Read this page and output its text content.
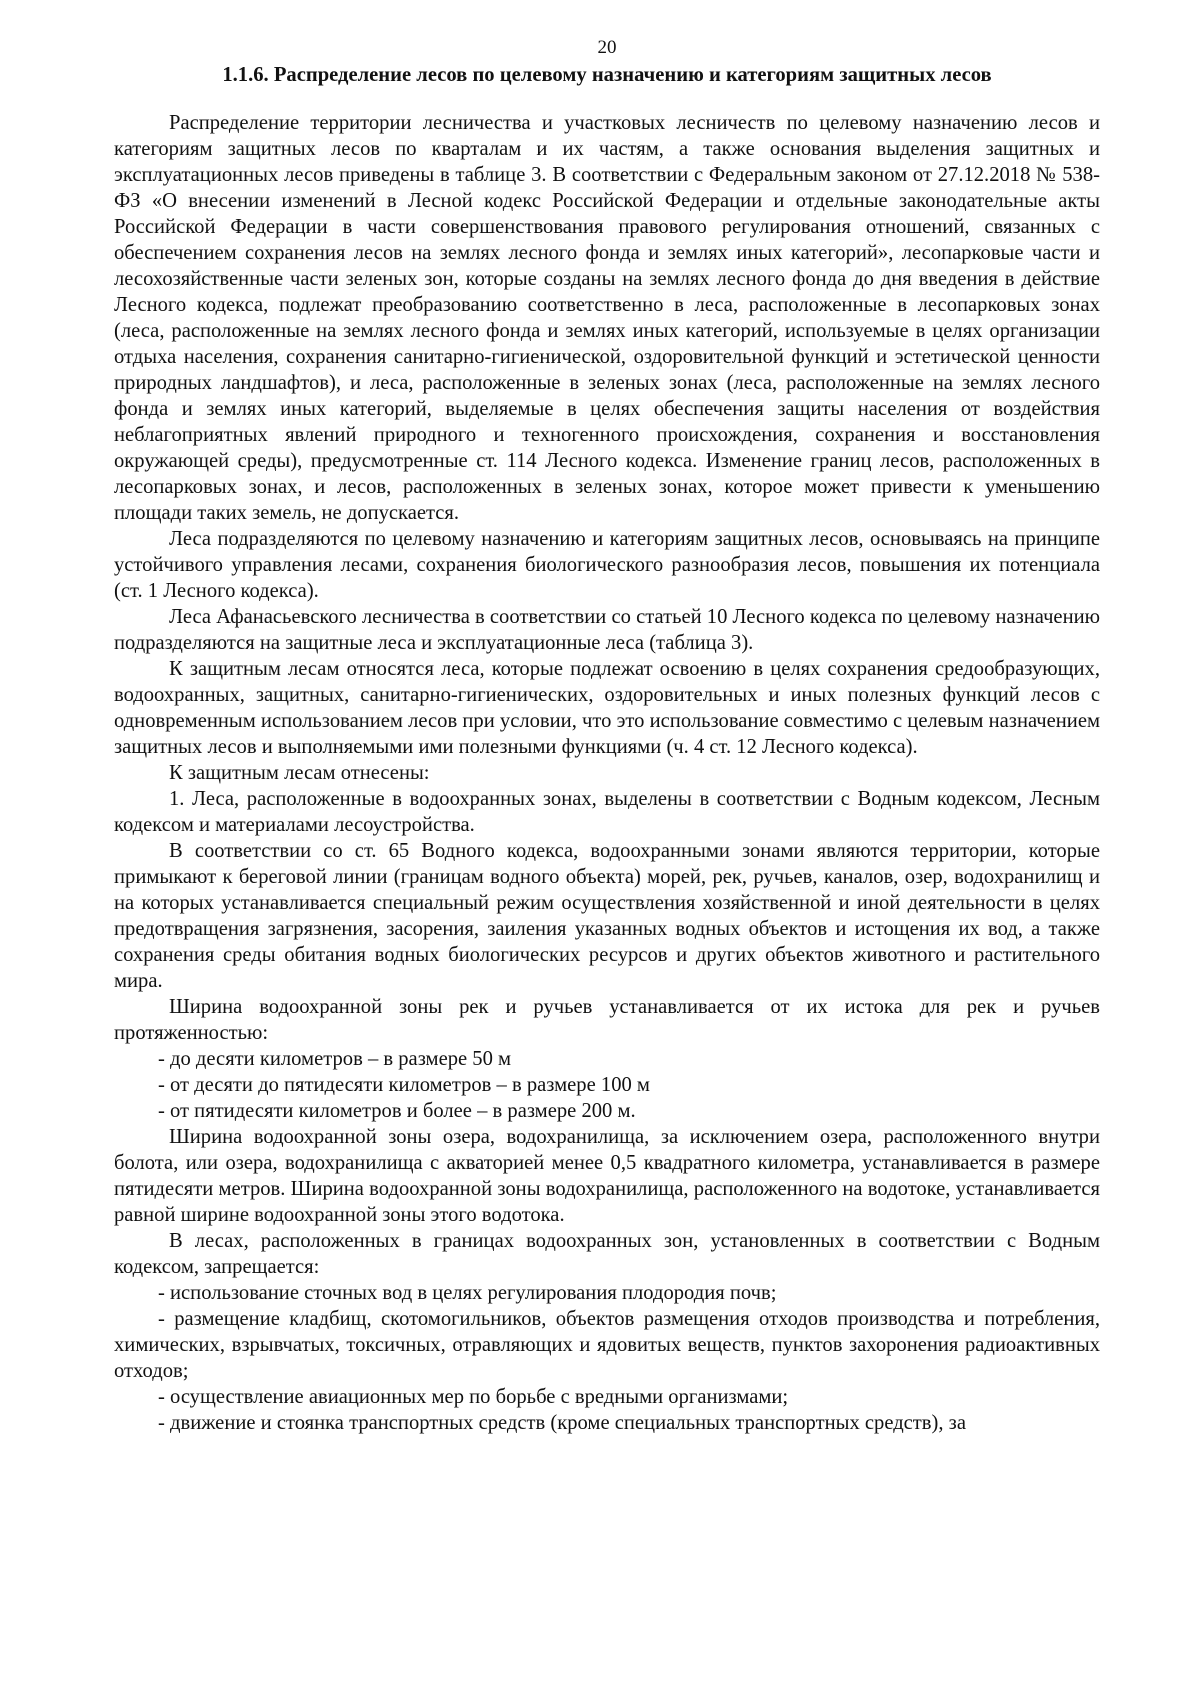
20
1.1.6. Распределение лесов по целевому назначению и категориям защитных лесов

Распределение территории лесничества и участковых лесничеств по целевому назначению лесов и категориям защитных лесов по кварталам и их частям, а также основания выделения защитных и эксплуатационных лесов приведены в таблице 3. В соответствии с Федеральным законом от 27.12.2018 № 538-ФЗ «О внесении изменений в Лесной кодекс Российской Федерации и отдельные законодательные акты Российской Федерации в части совершенствования правового регулирования отношений, связанных с обеспечением сохранения лесов на землях лесного фонда и землях иных категорий», лесопарковые части и лесохозяйственные части зеленых зон, которые созданы на землях лесного фонда до дня введения в действие Лесного кодекса, подлежат преобразованию соответственно в леса, расположенные в лесопарковых зонах (леса, расположенные на землях лесного фонда и землях иных категорий, используемые в целях организации отдыха населения, сохранения санитарно-гигиенической, оздоровительной функций и эстетической ценности природных ландшафтов), и леса, расположенные в зеленых зонах (леса, расположенные на землях лесного фонда и землях иных категорий, выделяемые в целях обеспечения защиты населения от воздействия неблагоприятных явлений природного и техногенного происхождения, сохранения и восстановления окружающей среды), предусмотренные ст. 114 Лесного кодекса. Изменение границ лесов, расположенных в лесопарковых зонах, и лесов, расположенных в зеленых зонах, которое может привести к уменьшению площади таких земель, не допускается.

Леса подразделяются по целевому назначению и категориям защитных лесов, основываясь на принципе устойчивого управления лесами, сохранения биологического разнообразия лесов, повышения их потенциала (ст. 1 Лесного кодекса).

Леса Афанасьевского лесничества в соответствии со статьей 10 Лесного кодекса по целевому назначению подразделяются на защитные леса и эксплуатационные леса (таблица 3).

К защитным лесам относятся леса, которые подлежат освоению в целях сохранения средообразующих, водоохранных, защитных, санитарно-гигиенических, оздоровительных и иных полезных функций лесов с одновременным использованием лесов при условии, что это использование совместимо с целевым назначением защитных лесов и выполняемыми ими полезными функциями (ч. 4 ст. 12 Лесного кодекса).

К защитным лесам отнесены:

1. Леса, расположенные в водоохранных зонах, выделены в соответствии с Водным кодексом, Лесным кодексом и материалами лесоустройства.

В соответствии со ст. 65 Водного кодекса, водоохранными зонами являются территории, которые примыкают к береговой линии (границам водного объекта) морей, рек, ручьев, каналов, озер, водохранилищ и на которых устанавливается специальный режим осуществления хозяйственной и иной деятельности в целях предотвращения загрязнения, засорения, заиления указанных водных объектов и истощения их вод, а также сохранения среды обитания водных биологических ресурсов и других объектов животного и растительного мира.

Ширина водоохранной зоны рек и ручьев устанавливается от их истока для рек и ручьев протяженностью:

- до десяти километров – в размере 50 м

- от десяти до пятидесяти километров – в размере 100 м

- от пятидесяти километров и более – в размере 200 м.

Ширина водоохранной зоны озера, водохранилища, за исключением озера, расположенного внутри болота, или озера, водохранилища с акваторией менее 0,5 квадратного километра, устанавливается в размере пятидесяти метров. Ширина водоохранной зоны водохранилища, расположенного на водотоке, устанавливается равной ширине водоохранной зоны этого водотока.

В лесах, расположенных в границах водоохранных зон, установленных в соответствии с Водным кодексом, запрещается:

- использование сточных вод в целях регулирования плодородия почв;

- размещение кладбищ, скотомогильников, объектов размещения отходов производства и потребления, химических, взрывчатых, токсичных, отравляющих и ядовитых веществ, пунктов захоронения радиоактивных отходов;

- осуществление авиационных мер по борьбе с вредными организмами;

- движение и стоянка транспортных средств (кроме специальных транспортных средств), за
